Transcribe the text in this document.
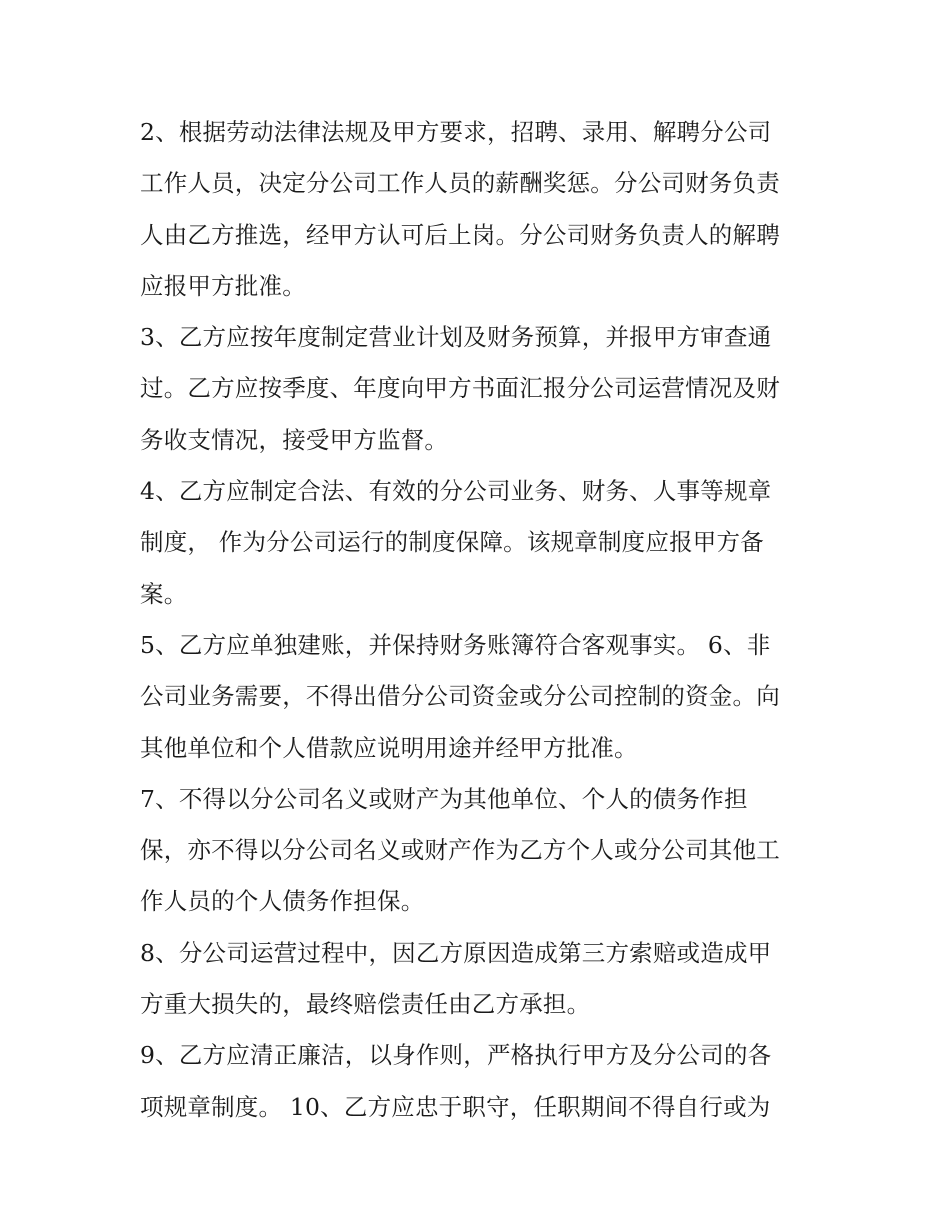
2、根据劳动法律法规及甲方要求，招聘、录用、解聘分公司
工作人员，决定分公司工作人员的薪酬奖惩。分公司财务负责
人由乙方推选，经甲方认可后上岗。分公司财务负责人的解聘
应报甲方批准。
3、乙方应按年度制定营业计划及财务预算，并报甲方审查通
过。乙方应按季度、年度向甲方书面汇报分公司运营情况及财
务收支情况，接受甲方监督。
4、乙方应制定合法、有效的分公司业务、财务、人事等规章
制度， 作为分公司运行的制度保障。该规章制度应报甲方备
案。
5、乙方应单独建账，并保持财务账簿符合客观事实。 6、非
公司业务需要，不得出借分公司资金或分公司控制的资金。向
其他单位和个人借款应说明用途并经甲方批准。
7、不得以分公司名义或财产为其他单位、个人的债务作担
保，亦不得以分公司名义或财产作为乙方个人或分公司其他工
作人员的个人债务作担保。
8、分公司运营过程中，因乙方原因造成第三方索赔或造成甲
方重大损失的，最终赔偿责任由乙方承担。
9、乙方应清正廉洁，以身作则，严格执行甲方及分公司的各
项规章制度。 10、乙方应忠于职守，任职期间不得自行或为
